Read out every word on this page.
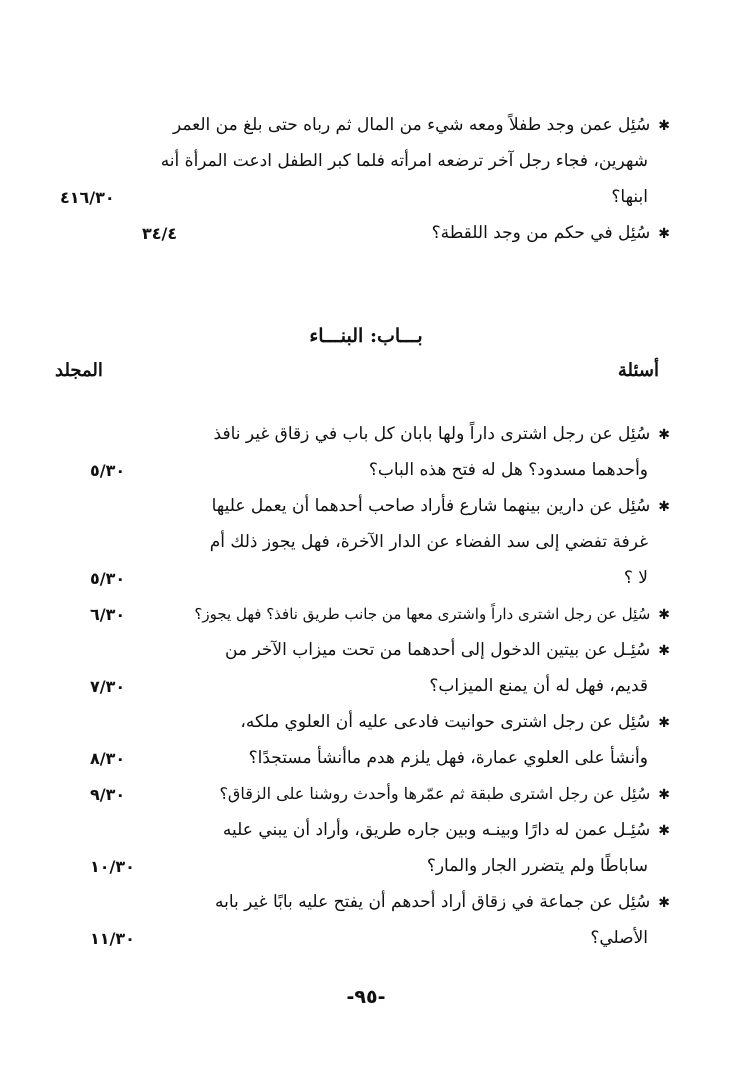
✱سُئِل عمن وجد طفلاً ومعه شيء من المال ثم رباه حتى بلغ من العمر
شهرين، فجاء رجل آخر ترضعه امرأته فلما كبر الطفل ادعت المرأة أنه
ابنها؟
٤١٦/٣٠
✱سُئِل في حكم من وجد اللقطة؟
٣٤/٤
بـــاب: البنـــاء
أسئلة
المجلد
✱سُئِل عن رجل اشترى داراً ولها بابان كل باب في زقاق غير نافذ
وأحدهما مسدود؟ هل له فتح هذه الباب؟
٥/٣٠
✱سُئِل عن دارين بينهما شارع فأراد صاحب أحدهما أن يعمل عليها
غرفة تفضي إلى سد الفضاء عن الدار الآخرة، فهل يجوز ذلك أم
لا ؟
٥/٣٠
✱سُئِل عن رجل اشترى داراً واشترى معها من جانب طريق نافذ؟ فهل يجوز؟
٦/٣٠
✱سُئِـل عن بيتين الدخول إلى أحدهما من تحت ميزاب الآخر من
قديم، فهل له أن يمنع الميزاب؟
٧/٣٠
✱سُئِل عن رجل اشترى حوانيت فادعى عليه أن العلوي ملكه،
وأنشأ على العلوي عمارة، فهل يلزم هدم ماأنشأ مستجدًا؟
٨/٣٠
✱سُئِل عن رجل اشترى طبقة ثم عمّرها وأحدث روشنا على الزقاق؟
٩/٣٠
✱سُئِـل عمن له دارًا وبينـه وبين جاره طريق، وأراد أن يبني عليه
ساباطًا ولم يتضرر الجار والمار؟
١٠/٣٠
✱سُئِل عن جماعة في زقاق أراد أحدهم أن يفتح عليه بابًا غير بابه
الأصلي؟
١١/٣٠
-٩٥-
